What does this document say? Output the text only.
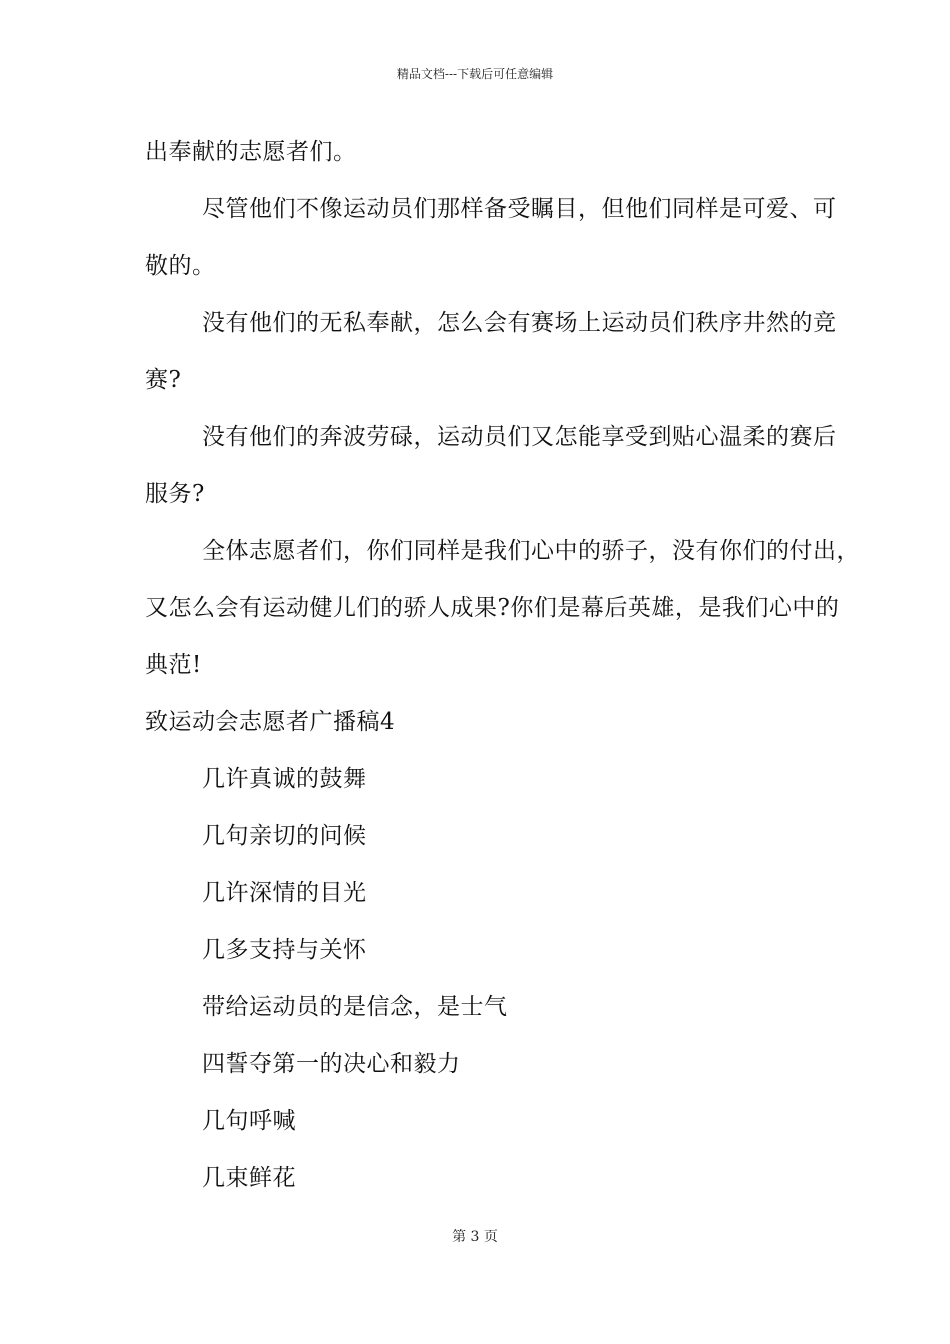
精品文档---下载后可任意编辑
出奉献的志愿者们。
尽管他们不像运动员们那样备受瞩目，但他们同样是可爱、可
敬的。
没有他们的无私奉献，怎么会有赛场上运动员们秩序井然的竞
赛?
没有他们的奔波劳碌，运动员们又怎能享受到贴心温柔的赛后
服务?
全体志愿者们，你们同样是我们心中的骄子，没有你们的付出，
又怎么会有运动健儿们的骄人成果?你们是幕后英雄，是我们心中的
典范!
致运动会志愿者广播稿4
几许真诚的鼓舞
几句亲切的问候
几许深情的目光
几多支持与关怀
带给运动员的是信念，是士气
四誓夺第一的决心和毅力
几句呼喊
几束鲜花
第 3 页
